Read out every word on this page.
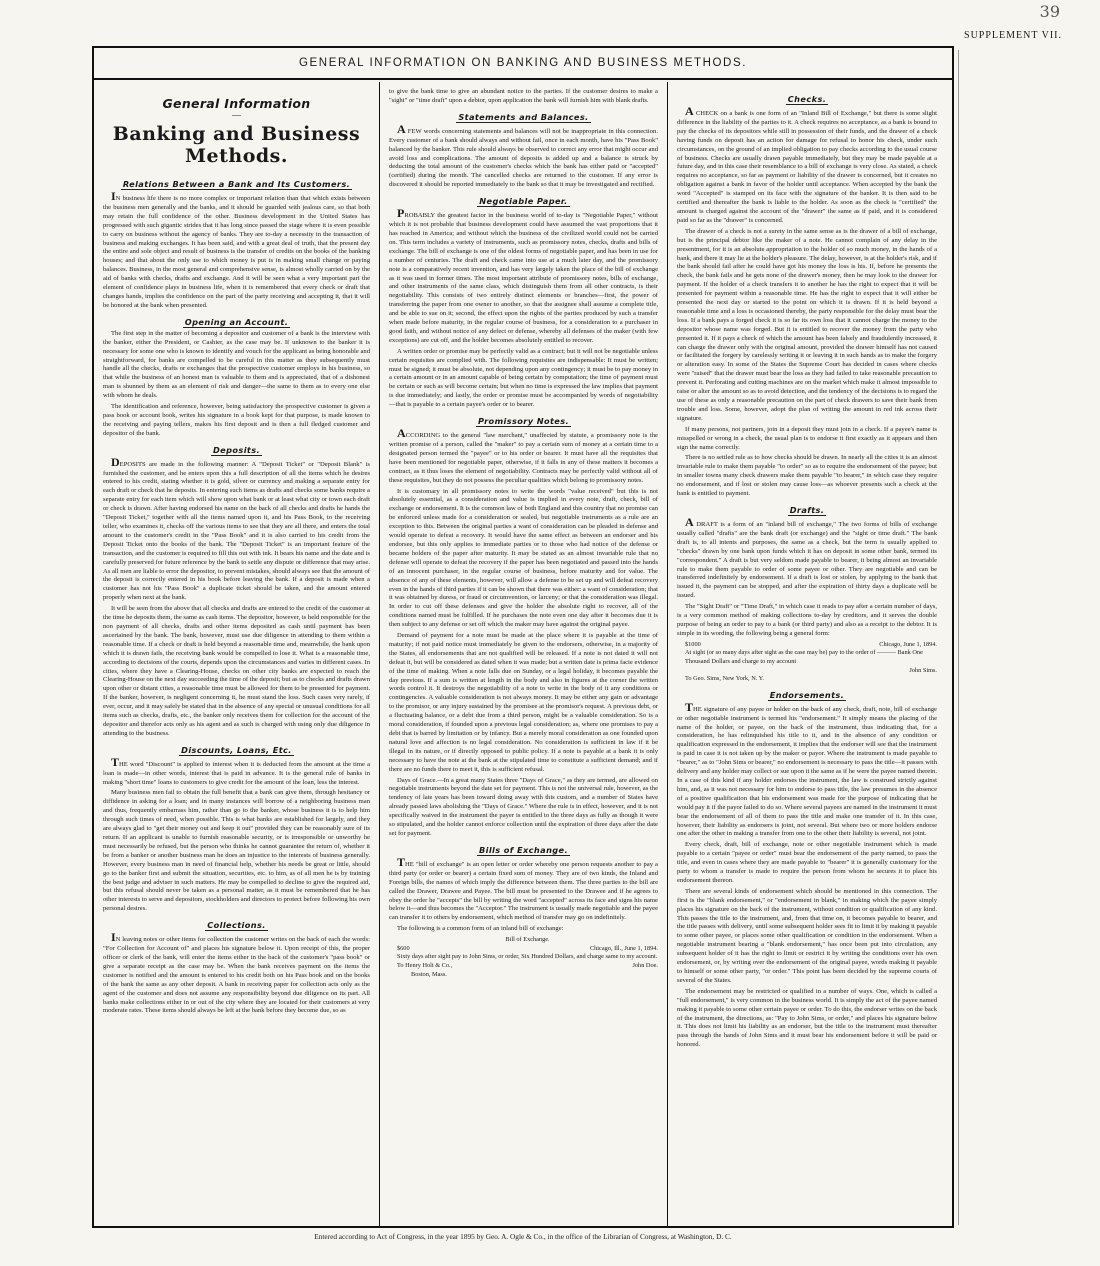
39
SUPPLEMENT VII.
GENERAL INFORMATION ON BANKING AND BUSINESS METHODS.
General Information
—
Banking and Business Methods.
Relations Between a Bank and Its Customers.

IN business life there is no more complex or important relation than that which exists between the business men generally and the banks, and it should be guarded with jealous care, so that both may retain the full confidence of the other. Business development in the United States has progressed with such gigantic strides that it has long since passed the stage where it is even possible to carry on business without the agency of banks. They are to-day a necessity in the transaction of business and making exchanges. It has been said, and with a great deal of truth, that the present day the entire and sole object and result of business is the transfer of credits on the books of the banking houses; and that about the only use to which money is put is in making small change or paying balances. Business, in the most general and comprehensive sense, is almost wholly carried on by the aid of banks with checks, drafts and exchange. And it will be seen what a very important part the element of confidence plays in business life, when it is remembered that every check or draft that changes hands, implies the confidence on the part of the party receiving and accepting it, that it will be honored at the bank when presented.

Opening an Account.

The first step in the matter of becoming a depositor and customer of a bank is the interview with the banker, either the President, or Cashier, as the case may be. If unknown to the banker it is necessary for some one who is known to identify and vouch for the applicant as being honorable and straightforward, for banks are compelled to be careful in this matter as they subsequently must handle all the checks, drafts or exchanges that the prospective customer employs in his business, so that while the business of an honest man is valuable to them and is appreciated, that of a dishonest man is shunned by them as an element of risk and danger—the same to them as to every one else with whom he deals.

The identification and reference, however, being satisfactory the prospective customer is given a pass book or account book, writes his signature in a book kept for that purpose, is made known to the receiving and paying tellers, makes his first deposit and is then a full fledged customer and depositor of the bank.

Deposits.

DEPOSITS are made in the following manner: A "Deposit Ticket" or "Deposit Blank" is furnished the customer, and he enters upon this a full description of all the items which he desires entered to his credit, stating whether it is gold, silver or currency and making a separate entry for each draft or check that he deposits. In entering such items as drafts and checks some banks require a separate entry for each item which will show upon what bank or at least what city or town each draft or check is drawn. After having endorsed his name on the back of all checks and drafts he hands the "Deposit Ticket," together with all the items named upon it, and his Pass Book, to the receiving teller, who examines it, checks off the various items to see that they are all there, and enters the total amount to the customer's credit in the "Pass Book" and it is also carried to his credit from the Deposit Ticket onto the books of the bank. The "Deposit Ticket" is an important feature of the transaction, and the customer is required to fill this out with ink. It bears his name and the date and is carefully preserved for future reference by the bank to settle any dispute or difference that may arise. As all men are liable to error the depositor, to prevent mistakes, should always see that the amount of the deposit is correctly entered in his book before leaving the bank. If a deposit is made when a customer has not his "Pass Book" a duplicate ticket should be taken, and the amount entered properly when next at the bank.

It will be seen from the above that all checks and drafts are entered to the credit of the customer at the time he deposits them, the same as cash items. The depositor, however, is held responsible for the non payment of all checks, drafts and other items deposited as cash until payment has been ascertained by the bank. The bank, however, must use due diligence in attending to them within a reasonable time. If a check or draft is held beyond a reasonable time and, meanwhile, the bank upon which it is drawn fails, the receiving bank would be compelled to lose it. What is a reasonable time, according to decisions of the courts, depends upon the circumstances and varies in different cases. In cities, where they have a Clearing-House, checks on other city banks are expected to reach the Clearing-House on the next day succeeding the time of the deposit; but as to checks and drafts drawn upon other or distant cities, a reasonable time must be allowed for them to be presented for payment. If the banker, however, is negligent concerning it, he must stand the loss. Such cases very rarely, if ever, occur, and it may safely be stated that in the absence of any special or unusual conditions for all items such as checks, drafts, etc., the banker only receives them for collection for the account of the depositor and therefor acts only as his agent and as such is charged with using only due diligence in attending to the business.

Discounts, Loans, Etc.

THE word "Discount" is applied to interest when it is deducted from the amount at the time a loan is made—in other words, interest that is paid in advance. It is the general rule of banks in making "short time" loans to customers to give credit for the amount of the loan, less the interest.

Many business men fail to obtain the full benefit that a bank can give them, through hesitancy or diffidence in asking for a loan; and in many instances will borrow of a neighboring business man and thus, frequently embarrass him, rather than go to the banker, whose business it is to help him through such times of need, when possible. This is what banks are established for largely, and they are always glad to "get their money out and keep it out" provided they can be reasonably sure of its return. If an applicant is unable to furnish reasonable security, or is irresponsible or unworthy he must necessarily be refused, but the person who thinks he cannot guarantee the return of, whether it be from a banker or another business man he does an injustice to the interests of business generally. However, every business man in need of financial help, whether his needs be great or little, should go to the banker first and submit the situation, securities, etc. to him, as of all men he is by training the best judge and adviser in such matters. He may be compelled to decline to give the required aid, but this refusal should never be taken as a personal matter, as it must be remembered that he has other interests to serve and depositors, stockholders and directors to protect before following his own personal desires.

Collections.

IN leaving notes or other items for collection the customer writes on the back of each the words: "For Collection for Account of" and places his signature below it. Upon receipt of this, the proper officer or clerk of the bank, will enter the items either in the back of the customer's "pass book" or give a separate receipt as the case may be. When the bank receives payment on the items the customer is notified and the amount is entered to his credit both on his Pass book and on the books of the bank the same as any other deposit. A bank in receiving paper for collection acts only as the agent of the customer and does not assume any responsibility beyond due diligence on its part. All banks make collections either in or out of the city where they are located for their customers at very moderate rates. These items should always be left at the bank before they become due, so as

to give the bank time to give an abundant notice to the parties. If the customer desires to make a "sight" or "time draft" upon a debtor, upon application the bank will furnish him with blank drafts.

Statements and Balances.

A FEW words concerning statements and balances will not be inappropriate in this connection. Every customer of a bank should always and without fail, once in each month, have his "Pass Book" balanced by the banker. This rule should always be observed to correct any error that might occur and avoid loss and complications. The amount of deposits is added up and a balance is struck by deducting the total amount of the customer's checks which the bank has either paid or "accepted" (certified) during the month. The cancelled checks are returned to the customer. If any error is discovered it should be reported immediately to the bank so that it may be investigated and rectified.

Negotiable Paper.

PROBABLY the greatest factor in the business world of to-day is "Negotiable Paper," without which it is not probable that business development could have assumed the vast proportions that it has reached in America; and without which the business of the civilized world could not be carried on. This term includes a variety of instruments, such as promissory notes, checks, drafts and bills of exchange. The bill of exchange is one of the oldest forms of negotiable paper, and has been in use for a number of centuries. The draft and check came into use at a much later day, and the promissory note is a comparatively recent invention, and has very largely taken the place of the bill of exchange as it was used in former times. The most important attribute of promissory notes, bills of exchange, and other instruments of the same class, which distinguish them from all other contracts, is their negotiability. This consists of two entirely distinct elements or branches—first, the power of transferring the paper from one owner to another, so that the assignee shall assume a complete title, and be able to sue on it; second, the effect upon the rights of the parties produced by such a transfer when made before maturity, in the regular course of business, for a consideration to a purchaser in good faith, and without notice of any defect or defense, whereby all defenses of the maker (with few exceptions) are cut off, and the holder becomes absolutely entitled to recover.

A written order or promise may be perfectly valid as a contract; but it will not be negotiable unless certain requisites are complied with. The following requisites are indispensable: It must be written; must be signed; it must be absolute, not depending upon any contingency; it must be to pay money in a certain amount or in an amount capable of being certain by computation; the time of payment must be certain or such as will become certain; but when no time is expressed the law implies that payment is due immediately; and lastly, the order or promise must be accompanied by words of negotiability—that is payable to a certain payee's order or to bearer.

Promissory Notes.

ACCORDING to the general "law merchant," unaffected by statute, a promissory note is the written promise of a person, called the "maker" to pay a certain sum of money at a certain time to a designated person termed the "payee" or to his order or bearer. It must have all the requisites that have been mentioned for negotiable paper, otherwise, if it falls in any of these matters it becomes a contract, as it thus loses the element of negotiability. Contracts may be perfectly valid without all of these requisites, but they do not possess the peculiar qualities which belong to promissory notes.

It is customary in all promissory notes to write the words "value received" but this is not absolutely essential, as a consideration and value is implied in every note, draft, check, bill of exchange or endorsement. It is the common law of both England and this country that no promise can be enforced unless made for a consideration or sealed, but negotiable instruments as a rule are an exception to this. Between the original parties a want of consideration can be pleaded in defense and would operate to defeat a recovery. It would have the same effect as between an endorser and his endorsee, but this only applies to immediate parties or to those who had notice of the defense or became holders of the paper after maturity. It may be stated as an almost invariable rule that no defense will operate to defeat the recovery if the paper has been negotiated and passed into the hands of an innocent purchaser, in the regular course of business, before maturity and for value. The absence of any of these elements, however, will allow a defense to be set up and will defeat recovery even in the hands of third parties if it can be shown that there was either: a want of consideration; that it was obtained by duress, or fraud or circumvention, or larceny; or that the consideration was illegal. In order to cut off these defenses and give the holder the absolute right to recover, all of the conditions named must be fulfilled. If he purchases the note even one day after it becomes due it is then subject to any defense or set off which the maker may have against the original payee.

Demand of payment for a note must be made at the place where it is payable at the time of maturity; if not paid notice must immediately be given to the endorsers, otherwise, in a majority of the States, all endorsements that are not qualified will be released. If a note is not dated it will not defeat it, but will be considered as dated when it was made; but a written date is prima facie evidence of the time of making. When a note falls due on Sunday, or a legal holiday, it becomes payable the day previous. If a sum is written at length in the body and also in figures at the corner the written words control it. It destroys the negotiability of a note to write in the body of it any conditions or contingencies. A valuable consideration is not always money. It may be either any gain or advantage to the promisor, or any injury sustained by the promisee at the promisor's request. A previous debt, or a fluctuating balance, or a debt due from a third person, might be a valuable consideration. So is a moral consideration, if founded upon a previous legal consideration; as, where one promises to pay a debt that is barred by limitation or by infancy. But a merely moral consideration as one founded upon natural love and affection is no legal consideration. No consideration is sufficient in law if it be illegal in its nature, or if directly opposed to public policy. If a note is payable at a bank it is only necessary to have the note at the bank at the stipulated time to constitute a sufficient demand; and if there are no funds there to meet it, this is sufficient refusal.

Days of Grace.—In a great many States three "Days of Grace," as they are termed, are allowed on negotiable instruments beyond the date set for payment. This is not the universal rule, however, as the tendency of late years has been toward doing away with this custom, and a number of States have already passed laws abolishing the "Days of Grace." Where the rule is in effect, however, and it is not specifically waived in the instrument the payer is entitled to the three days as fully as though it were so stipulated, and the holder cannot enforce collection until the expiration of three days after the date set for payment.

Bills of Exchange.

THE "bill of exchange" is an open letter or order whereby one person requests another to pay a third party (or order or bearer) a certain fixed sum of money. They are of two kinds, the Inland and Foreign bills, the names of which imply the difference between them. The three parties to the bill are called the Drawer, Drawee and Payee. The bill must be presented to the Drawee and if he agrees to obey the order he "accepts" the bill by writing the word "accepted" across its face and signs his name below it—and thus becomes the "Acceptor." The instrument is usually made negotiable and the payee can transfer it to others by endorsement, which method of transfer may go on indefinitely.

The following is a common form of an inland bill of exchange:

Bill of Exchange.
$600	Chicago, Ill., June 1, 1894.
Sixty days after sight pay to John Sims, or order, Six Hundred Dollars, and charge same to my account.
To Henry Holt & Co.,	John Doe.
Boston, Mass.
Checks.

A CHECK on a bank is one form of an "Inland Bill of Exchange," but there is some slight difference in the liability of the parties to it. A check requires no acceptance, as a bank is bound to pay the checks of its depositors while still in possession of their funds, and the drawer of a check having funds on deposit has an action for damage for refusal to honor his check, under such circumstances, on the ground of an implied obligation to pay checks according to the usual course of business. Checks are usually drawn payable immediately, but they may be made payable at a future day, and in this case their resemblance to a bill of exchange is very close. As stated, a check requires no acceptance, so far as payment or liability of the drawer is concerned, but it creates no obligation against a bank in favor of the holder until acceptance. When accepted by the bank the word "Accepted" is stamped on its face with the signature of the banker. It is then said to be certified and thereafter the bank is liable to the holder. As soon as the check is "certified" the amount is charged against the account of the "drawer" the same as if paid, and it is considered paid so far as the "drawer" is concerned.

The drawer of a check is not a surety in the same sense as is the drawer of a bill of exchange, but is the principal debtor like the maker of a note. He cannot complain of any delay in the presentment, for it is an absolute appropriation to the holder of so much money, in the hands of a bank, and there it may lie at the holder's pleasure. The delay, however, is at the holder's risk, and if the bank should fail after he could have got his money the loss is his. If, before he presents the check, the bank fails and he gets none of the drawer's money, then he may look to the drawer for payment. If the holder of a check transfers it to another he has the right to expect that it will be presented for payment within a reasonable time. He has the right to expect that it will either be presented the next day or started to the point on which it is drawn. If it is held beyond a reasonable time and a loss is occasioned thereby, the party responsible for the delay must bear the loss. If a bank pays a forged check it is so far its own loss that it cannot charge the money to the depositor whose name was forged. But it is entitled to recover the money from the party who presented it. If it pays a check of which the amount has been falsely and fraudulently increased, it can charge the drawer only with the original amount, provided the drawer himself has not caused or facilitated the forgery by carelessly writing it or leaving it in such hands as to make the forgery or alteration easy. In some of the States the Supreme Court has decided in cases where checks were "raised" that the drawer must bear the loss as they had failed to take reasonable precaution to prevent it. Perforating and cutting machines are on the market which make it almost impossible to raise or alter the amount so as to avoid detection, and the tendency of the decisions is to regard the use of these as only a reasonable precaution on the part of check drawers to save their bank from trouble and loss. Some, however, adopt the plan of writing the amount in red ink across their signature.

If many persons, not partners, join in a deposit they must join in a check. If a payee's name is misspelled or wrong in a check, the usual plan is to endorse it first exactly as it appears and then sign the name correctly.

There is no settled rule as to how checks should be drawn. In nearly all the cities it is an almost invariable rule to make them payable "to order" so as to require the endorsement of the payee; but in smaller towns many check drawers make them payable "to bearer," in which case they require no endorsement, and if lost or stolen may cause loss—as whoever presents such a check at the bank is entitled to payment.

Drafts.

A DRAFT is a form of an "inland bill of exchange," The two forms of bills of exchange usually called "drafts" are the bank draft (or exchange) and the "sight or time draft." The bank draft is, to all intents and purposes, the same as a check, but the term is usually applied to "checks" drawn by one bank upon funds which it has on deposit in some other bank, termed its "correspondent." A draft is but very seldom made payable to bearer, it being almost an invariable rule to make them payable to order of some payee or other. They are negotiable and can be transferred indefinitely by endorsement. If a draft is lost or stolen, by applying to the bank that issued it, the payment can be stopped, and after the expiration of thirty days a duplicate will be issued.

The "Sight Draft" or "Time Draft," in which case it reads to pay after a certain number of days, is a very common method of making collections to-day by creditors, and it serves the double purpose of being an order to pay to a bank (or third party) and also as a receipt to the debtor. It is simple in its wording, the following being a general form:

$1000	Chicago, June 1, 1894.
At sight (or so many days after sight as the case may be) pay to the order of ——— Bank One Thousand Dollars and charge to my account
John Sims.
To Geo. Sims, New York, N. Y.
Endorsements.

THE signature of any payee or holder on the back of any check, draft, note, bill of exchange or other negotiable instrument is termed his "endorsement." It simply means the placing of the name of the holder, or payee, on the back of the instrument, thus indicating that, for a consideration, he has relinquished his title to it, and in the absence of any condition or qualification expressed in the endorsement, it implies that the endorser will see that the instrument is paid in case it is not taken up by the maker or payor. Where the instrument is made payable to "bearer," as to "John Sims or bearer," no endorsement is necessary to pass the title—it passes with delivery and any holder may collect or sue upon it the same as if he were the payee named therein. In a case of this kind if any holder endorses the instrument, the law is construed strictly against him, and, as it was not necessary for him to endorse to pass title, the law presumes in the absence of a positive qualification that his endorsement was made for the purpose of indicating that he would pay it if the payor failed to do so. Where several payees are named in the instrument it must bear the endorsement of all of them to pass the title and make one transfer of it. In this case, however, their liability as endorsers is joint, not several. But where two or more holders endorse one after the other in making a transfer from one to the other their liability is several, not joint.

Every check, draft, bill of exchange, note or other negotiable instrument which is made payable to a certain "payee or order" must bear the endorsement of the party named, to pass the title, and even in cases where they are made payable to "bearer" it is generally customary for the party to whom a transfer is made to require the person from whom he secures it to place his endorsement thereon.

There are several kinds of endorsement which should be mentioned in this connection. The first is the "blank endorsement," or "endorsement in blank," in making which the payee simply places his signature on the back of the instrument, without condition or qualification of any kind. This passes the title to the instrument, and, from that time on, it becomes payable to bearer, and the title passes with delivery, until some subsequent holder sees fit to limit it by making it payable to some other payee, or places some other qualification or condition in the endorsement. When a negotiable instrument bearing a "blank endorsement," has once been put into circulation, any subsequent holder of it has the right to limit or restrict it by writing the conditions over his own endorsement, or, by writing over the endorsement of the original payee, words making it payable to himself or some other party, "or order." This point has been decided by the supreme courts of several of the States.

The endorsement may be restricted or qualified in a number of ways. One, which is called a "full endorsement," is very common in the business world. It is simply the act of the payee named making it payable to some other certain payee or order. To do this, the endorser writes on the back of the instrument, the directions, as: "Pay to John Sims, or order," and places his signature below it. This does not limit his liability as an endorser, but the title to the instrument must thereafter pass through the hands of John Sims and it must bear his endorsement before it will be paid or honored.

Entered according to Act of Congress, in the year 1895 by Geo. A. Ogle & Co., in the office of the Librarian of Congress, at Washington, D. C.
